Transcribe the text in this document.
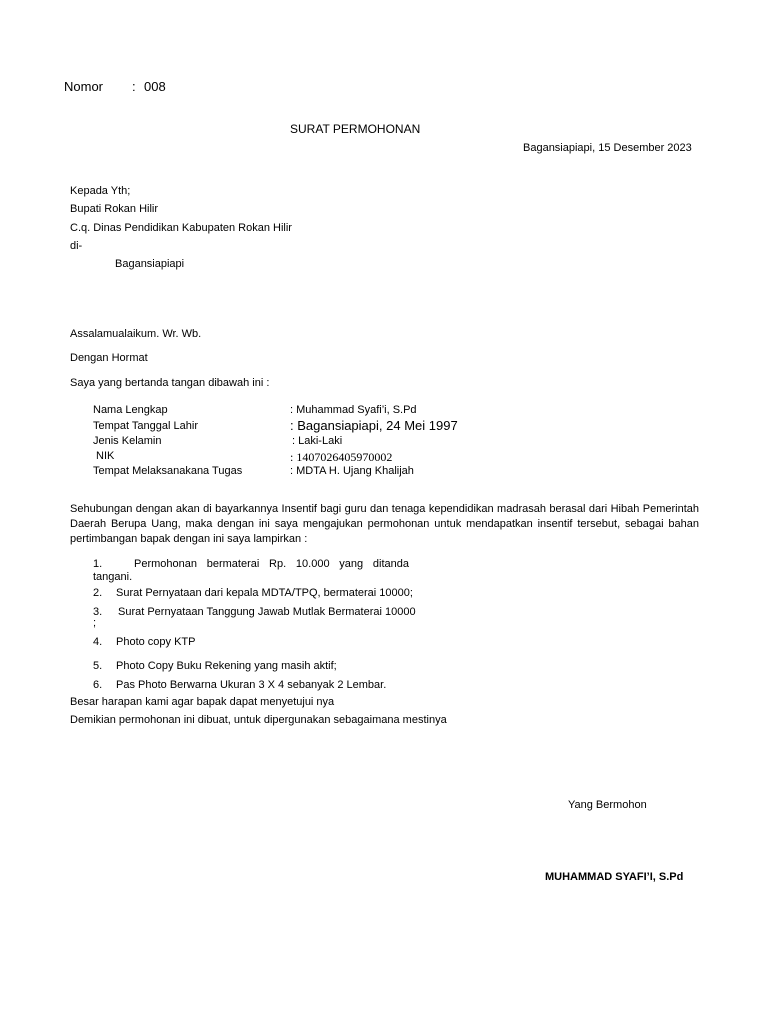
Nomor : 008
SURAT PERMOHONAN
Bagansiapiapi, 15 Desember 2023
Kepada Yth;
Bupati Rokan Hilir
C.q. Dinas Pendidikan Kabupaten Rokan Hilir
di-
Bagansiapiapi
Assalamualaikum. Wr. Wb.
Dengan Hormat
Saya yang bertanda tangan dibawah ini :
Nama Lengkap	: Muhammad Syafi’i, S.Pd
Tempat Tanggal Lahir	: Bagansiapiapi, 24 Mei 1997
Jenis Kelamin	: Laki-Laki
NIK	: 1407026405970002
Tempat Melaksanakana Tugas	: MDTA H. Ujang Khalijah
Sehubungan dengan akan di bayarkannya Insentif bagi guru dan tenaga kependidikan madrasah berasal dari Hibah Pemerintah Daerah Berupa Uang, maka dengan ini saya mengajukan permohonan untuk mendapatkan insentif tersebut, sebagai bahan pertimbangan bapak dengan ini saya lampirkan :
1.	Permohonan bermaterai Rp. 10.000 yang ditanda
tangani.
2. Surat Pernyataan dari kepala MDTA/TPQ, bermaterai 10000;
3. Surat Pernyataan Tanggung Jawab Mutlak Bermaterai 10000
;
4. Photo copy KTP
5. Photo Copy Buku Rekening yang masih aktif;
6. Pas Photo Berwarna Ukuran 3 X 4 sebanyak 2 Lembar.
Besar harapan kami agar bapak dapat menyetujui nya
Demikian permohonan ini dibuat, untuk dipergunakan sebagaimana mestinya
Yang Bermohon
MUHAMMAD SYAFI’I, S.Pd
